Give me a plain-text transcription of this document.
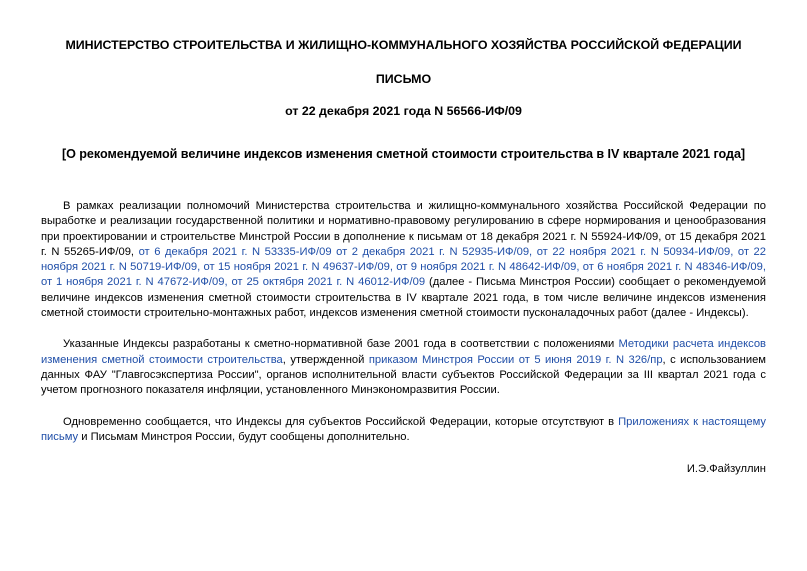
МИНИСТЕРСТВО СТРОИТЕЛЬСТВА И ЖИЛИЩНО-КОММУНАЛЬНОГО ХОЗЯЙСТВА РОССИЙСКОЙ ФЕДЕРАЦИИ

ПИСЬМО

от 22 декабря 2021 года N 56566-ИФ/09

[О рекомендуемой величине индексов изменения сметной стоимости строительства в IV квартале 2021 года]

В рамках реализации полномочий Министерства строительства и жилищно-коммунального хозяйства Российской Федерации по выработке и реализации государственной политики и нормативно-правовому регулированию в сфере нормирования и ценообразования при проектировании и строительстве Минстрой России в дополнение к письмам от 18 декабря 2021 г. N 55924-ИФ/09, от 15 декабря 2021 г. N 55265-ИФ/09, от 6 декабря 2021 г. N 53335-ИФ/09 от 2 декабря 2021 г. N 52935-ИФ/09, от 22 ноября 2021 г. N 50934-ИФ/09, от 22 ноября 2021 г. N 50719-ИФ/09, от 15 ноября 2021 г. N 49637-ИФ/09, от 9 ноября 2021 г. N 48642-ИФ/09, от 6 ноября 2021 г. N 48346-ИФ/09, от 1 ноября 2021 г. N 47672-ИФ/09, от 25 октября 2021 г. N 46012-ИФ/09 (далее - Письма Минстроя России) сообщает о рекомендуемой величине индексов изменения сметной стоимости строительства в IV квартале 2021 года, в том числе величине индексов изменения сметной стоимости строительно-монтажных работ, индексов изменения сметной стоимости пусконаладочных работ (далее - Индексы).

Указанные Индексы разработаны к сметно-нормативной базе 2001 года в соответствии с положениями Методики расчета индексов изменения сметной стоимости строительства, утвержденной приказом Минстроя России от 5 июня 2019 г. N 326/пр, с использованием данных ФАУ "Главгосэкспертиза России", органов исполнительной власти субъектов Российской Федерации за III квартал 2021 года с учетом прогнозного показателя инфляции, установленного Минэкономразвития России.

Одновременно сообщается, что Индексы для субъектов Российской Федерации, которые отсутствуют в Приложениях к настоящему письму и Письмам Минстроя России, будут сообщены дополнительно.

И.Э.Файзуллин
